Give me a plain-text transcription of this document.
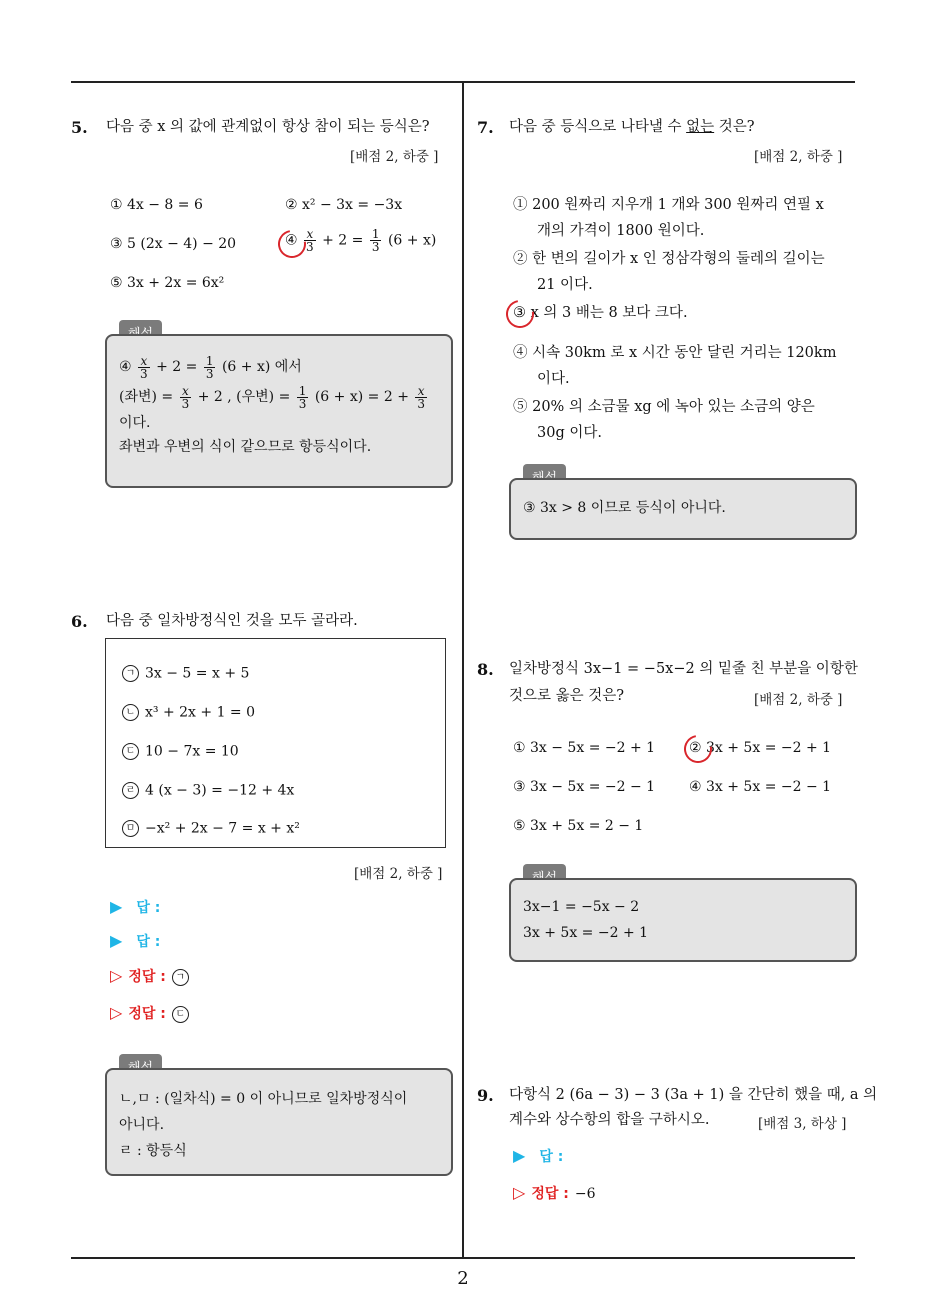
5. 다음 중 x 의 값에 관계없이 항상 참이 되는 등식은?
[배점 2, 하중 ]
① 4x − 8 = 6	② x² − 3x = −3x
③ 5 (2x − 4) − 20	④ $\frac{x}{3} + 2 = \frac{1}{3} (6 + x)$
⑤ 3x + 2x = 6x²
④ $\frac{x}{3} + 2 = \frac{1}{3} (6 + x)$ 에서
(좌변) = $\frac{x}{3} + 2$ , (우변) = $\frac{1}{3} (6 + x) = 2 + \frac{x}{3}$
이다.
좌변과 우변의 식이 같으므로 항등식이다.
6. 다음 중 일차방정식인 것을 모두 골라라.
ㄱ 3x − 5 = x + 5
ㄴ x³ + 2x + 1 = 0
ㄷ 10 − 7x = 10
ㄹ 4 (x − 3) = −12 + 4x
ㅁ −x² + 2x − 7 = x + x²
[배점 2, 하중 ]
▶ 답 :
▶ 답 :
▷ 정답 : ㄱ
▷ 정답 : ㄷ
ㄴ,ㅁ : (일차식) = 0 이 아니므로 일차방정식이
아니다.
ㄹ : 항등식
7. 다음 중 등식으로 나타낼 수 없는 것은?
[배점 2, 하중 ]
① 200 원짜리 지우개 1 개와 300 원짜리 연필 x
개의 가격이 1800 원이다.
② 한 변의 길이가 x 인 정삼각형의 둘레의 길이는
21 이다.
③ x 의 3 배는 8 보다 크다.
④ 시속 30km 로 x 시간 동안 달린 거리는 120km
이다.
⑤ 20% 의 소금물 xg 에 녹아 있는 소금의 양은
30g 이다.
③ 3x > 8 이므로 등식이 아니다.
8. 일차방정식 3x−1 = −5x−2 의 밑줄 친 부분을 이항한
것으로 옳은 것은?	[배점 2, 하중 ]
① 3x − 5x = −2 + 1 ② 3x + 5x = −2 + 1
③ 3x − 5x = −2 − 1 ④ 3x + 5x = −2 − 1
⑤ 3x + 5x = 2 − 1
3x−1 = −5x − 2
3x + 5x = −2 + 1
9. 다항식 2 (6a − 3) − 3 (3a + 1) 을 간단히 했을 때, a 의
계수와 상수항의 합을 구하시오.	[배점 3, 하상 ]
▶ 답 :
▷ 정답 : −6
2
